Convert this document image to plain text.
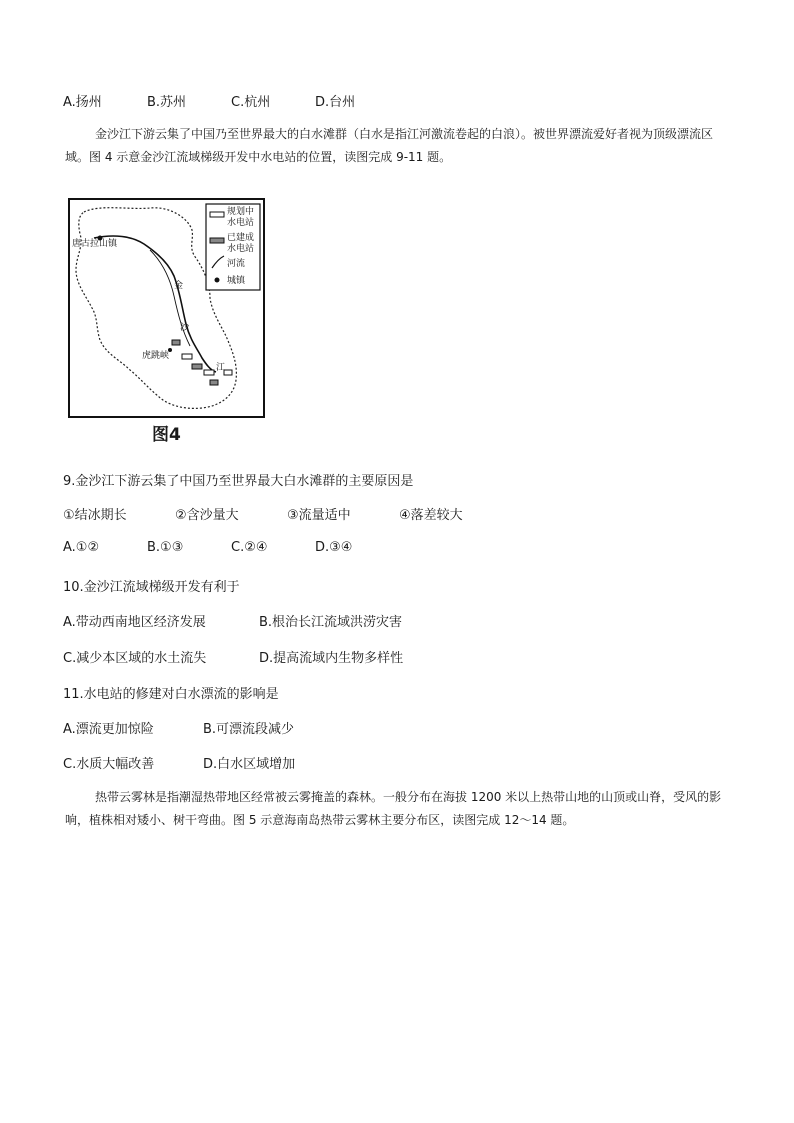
A.扬州	B.苏州	C.杭州	D.台州
金沙江下游云集了中国乃至世界最大的白水滩群（白水是指江河激流卷起的白浪）。被世界漂流爱好者视为顶级漂流区域。图 4 示意金沙江流域梯级开发中水电站的位置，读图完成 9-11 题。
唐古拉山镇
金
沙
虎跳峡
江
规划中
水电站
已建成
水电站
河流
城镇
图4
9.金沙江下游云集了中国乃至世界最大白水滩群的主要原因是
①结冰期长	②含沙量大	③流量适中	④落差较大
A.①②	B.①③	C.②④	D.③④
10.金沙江流域梯级开发有利于
A.带动西南地区经济发展	B.根治长江流域洪涝灾害
C.减少本区域的水土流失	D.提高流域内生物多样性
11.水电站的修建对白水漂流的影响是
A.漂流更加惊险	B.可漂流段减少
C.水质大幅改善	D.白水区域增加
热带云雾林是指潮湿热带地区经常被云雾掩盖的森林。一般分布在海拔 1200 米以上热带山地的山顶或山脊，受风的影响，植株相对矮小、树干弯曲。图 5 示意海南岛热带云雾林主要分布区，读图完成 12～14 题。
